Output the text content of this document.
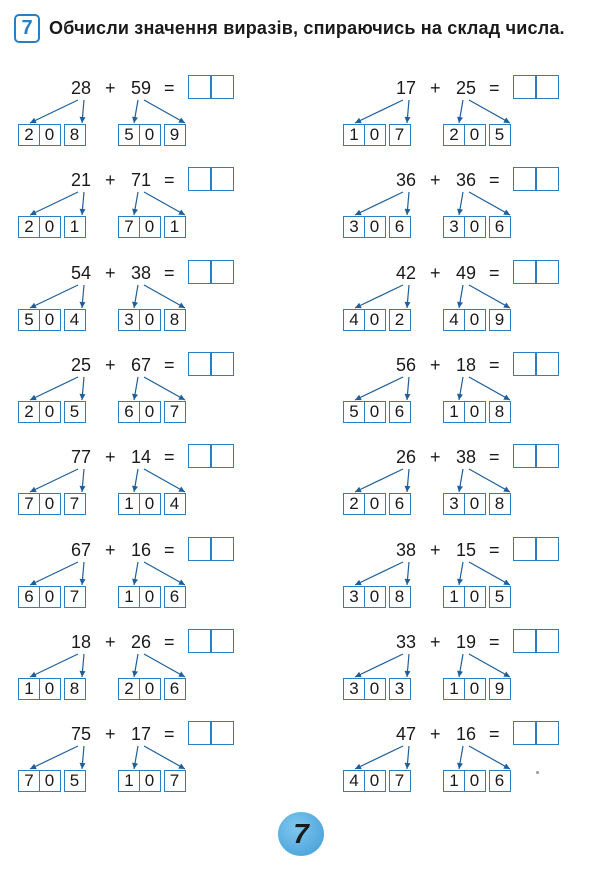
7 Обчисли значення виразів, спираючись на склад числа.
28 + 59 =
2 0 8	5 0 9
17 + 25 =
1 0 7	2 0 5
21 + 71 =
2 0 1	7 0 1
36 + 36 =
3 0 6	3 0 6
54 + 38 =
5 0 4	3 0 8
42 + 49 =
4 0 2	4 0 9
25 + 67 =
2 0 5	6 0 7
56 + 18 =
5 0 6	1 0 8
77 + 14 =
7 0 7	1 0 4
26 + 38 =
2 0 6	3 0 8
67 + 16 =
6 0 7	1 0 6
38 + 15 =
3 0 8	1 0 5
18 + 26 =
1 0 8	2 0 6
33 + 19 =
3 0 3	1 0 9
75 + 17 =
7 0 5	1 0 7
47 + 16 =
4 0 7	1 0 6
7
